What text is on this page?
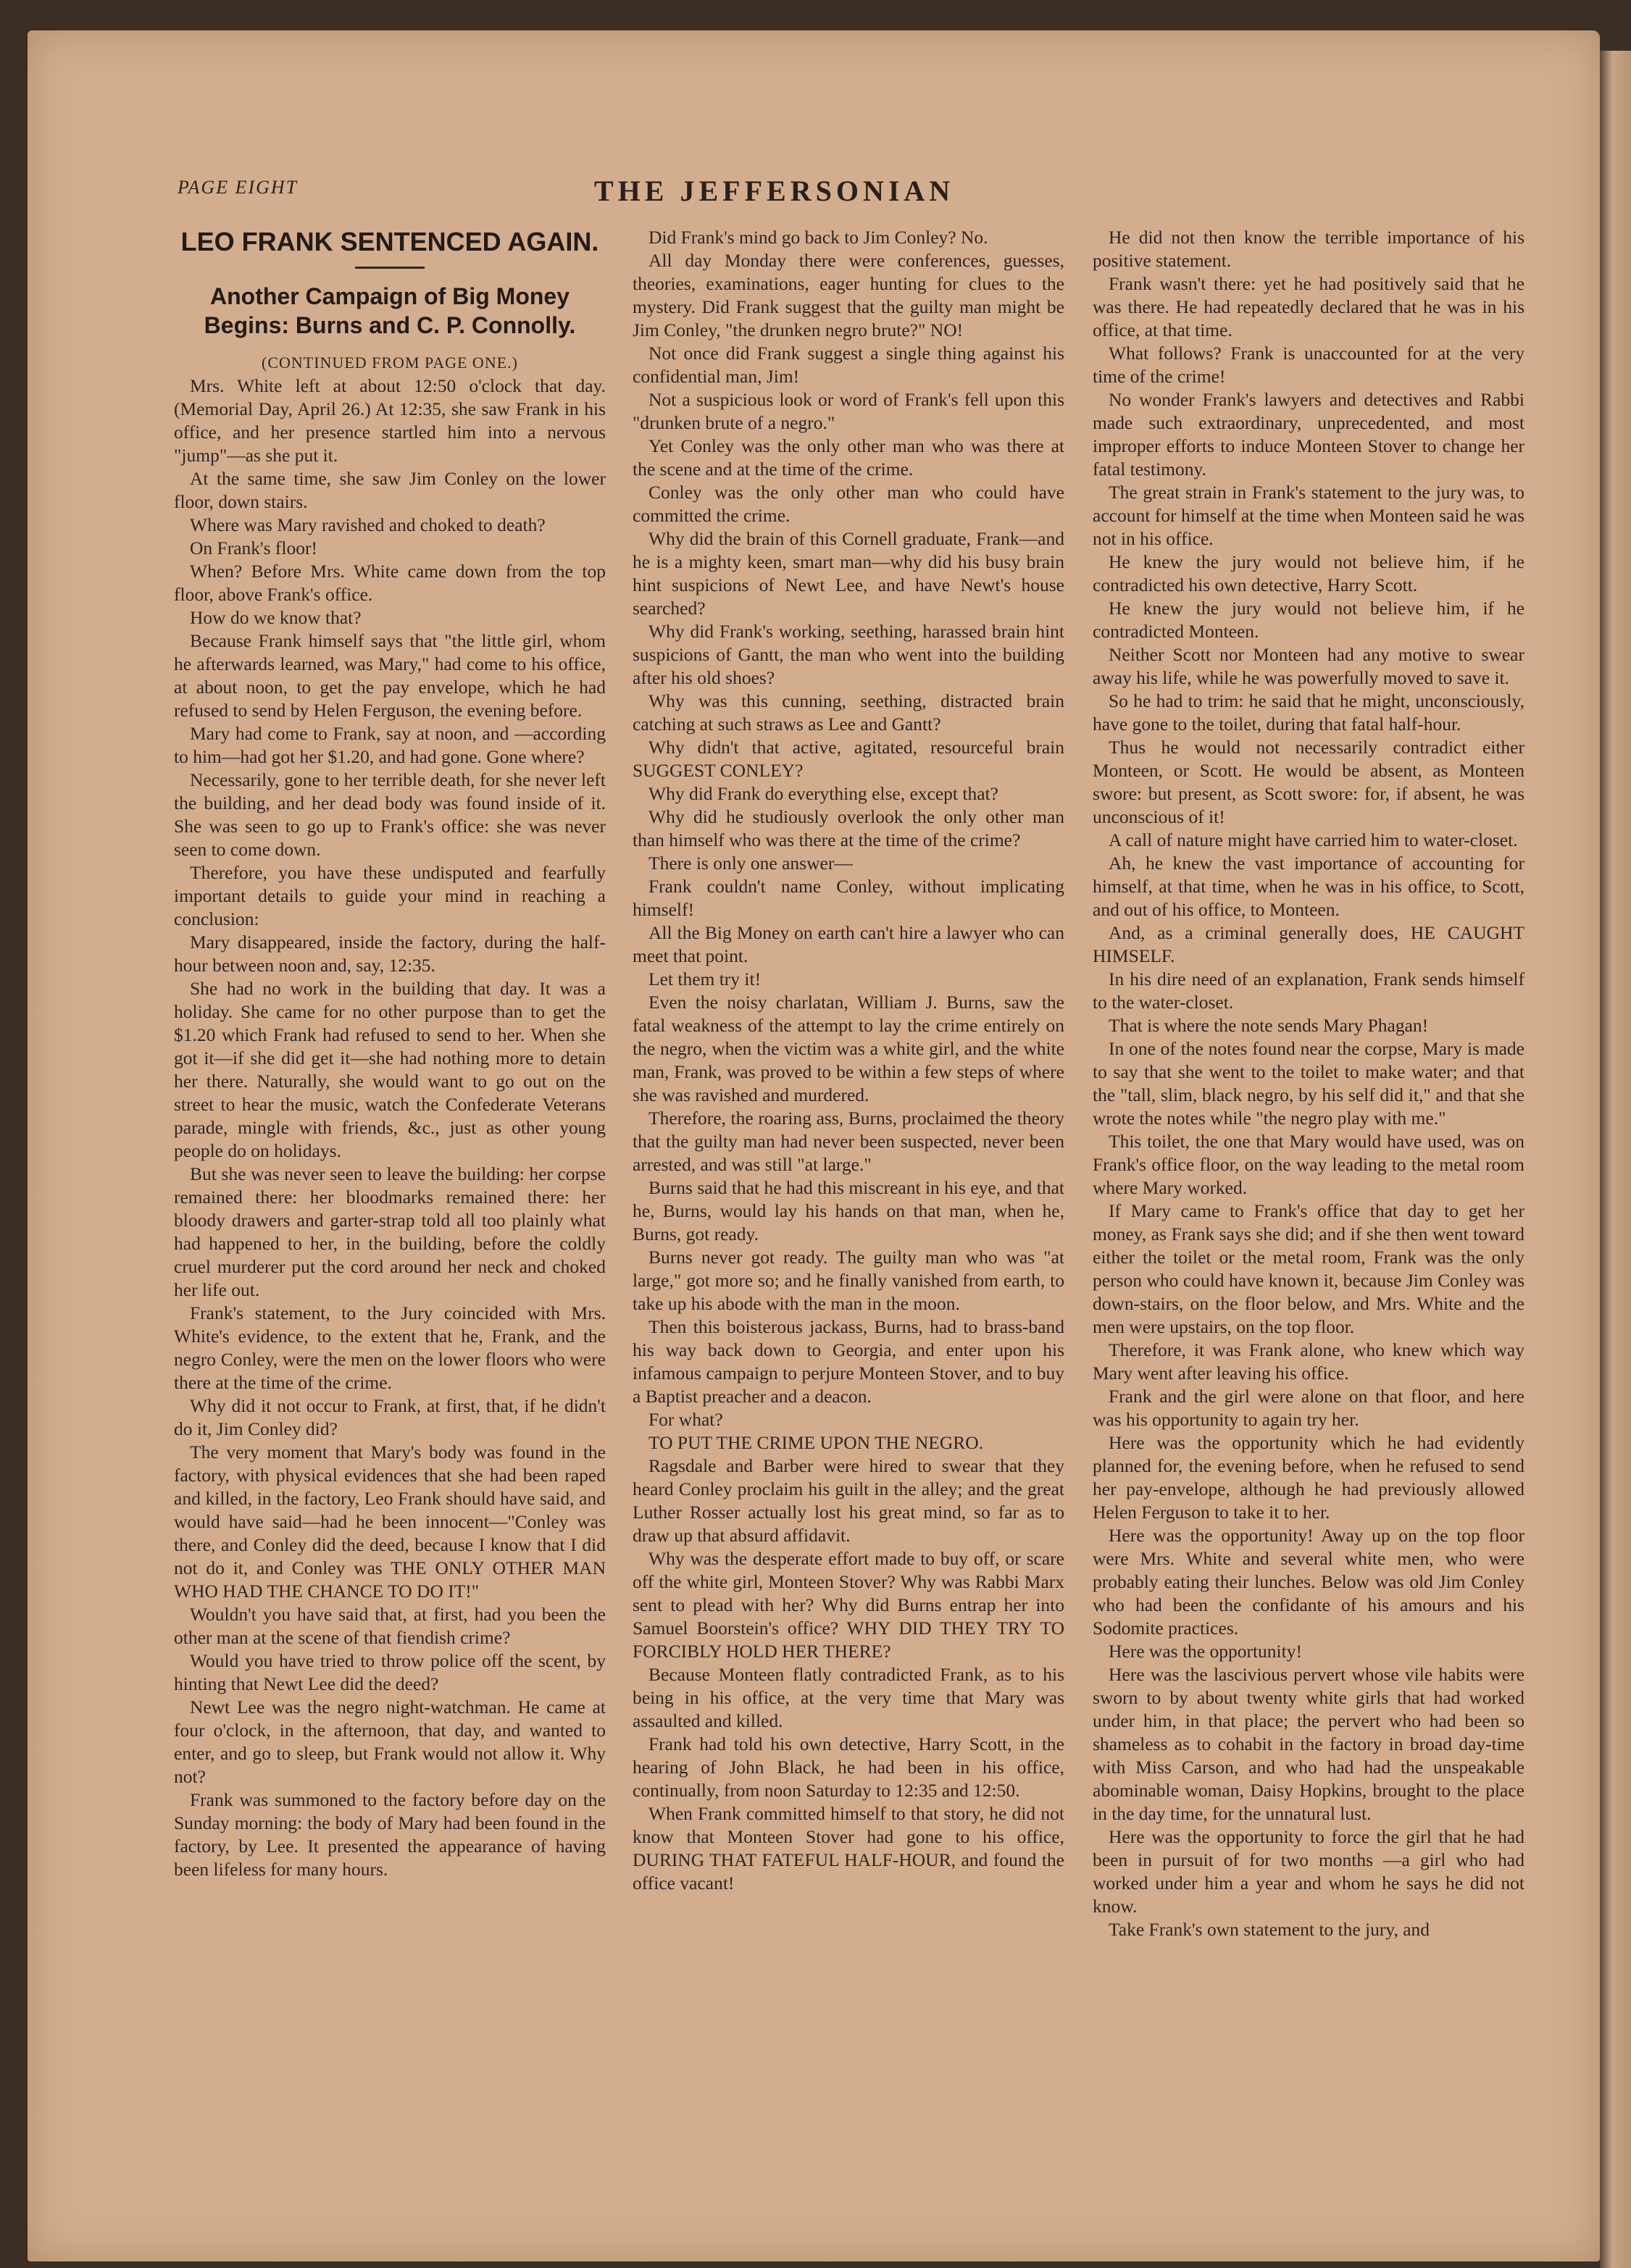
PAGE EIGHT	THE JEFFERSONIAN
LEO FRANK SENTENCED AGAIN.
Another Campaign of Big Money Begins: Burns and C. P. Connolly.

(CONTINUED FROM PAGE ONE.)

Mrs. White left at about 12:50 o'clock that day. (Memorial Day, April 26.) At 12:35, she saw Frank in his office, and her presence startled him into a nervous "jump"—as she put it.

At the same time, she saw Jim Conley on the lower floor, down stairs.

Where was Mary ravished and choked to death?

On Frank's floor!

When? Before Mrs. White came down from the top floor, above Frank's office.

How do we know that?

Because Frank himself says that "the little girl, whom he afterwards learned, was Mary," had come to his office, at about noon, to get the pay envelope, which he had refused to send by Helen Ferguson, the evening before.

Mary had come to Frank, say at noon, and —according to him—had got her $1.20, and had gone. Gone where?

Necessarily, gone to her terrible death, for she never left the building, and her dead body was found inside of it. She was seen to go up to Frank's office: she was never seen to come down.

Therefore, you have these undisputed and fearfully important details to guide your mind in reaching a conclusion:

Mary disappeared, inside the factory, during the half-hour between noon and, say, 12:35.

She had no work in the building that day. It was a holiday. She came for no other purpose than to get the $1.20 which Frank had refused to send to her. When she got it—if she did get it—she had nothing more to detain her there. Naturally, she would want to go out on the street to hear the music, watch the Confederate Veterans parade, mingle with friends, &c., just as other young people do on holidays.

But she was never seen to leave the building: her corpse remained there: her bloodmarks remained there: her bloody drawers and garter-strap told all too plainly what had happened to her, in the building, before the coldly cruel murderer put the cord around her neck and choked her life out.

Frank's statement, to the Jury coincided with Mrs. White's evidence, to the extent that he, Frank, and the negro Conley, were the men on the lower floors who were there at the time of the crime.

Why did it not occur to Frank, at first, that, if he didn't do it, Jim Conley did?

The very moment that Mary's body was found in the factory, with physical evidences that she had been raped and killed, in the factory, Leo Frank should have said, and would have said—had he been innocent—"Conley was there, and Conley did the deed, because I know that I did not do it, and Conley was THE ONLY OTHER MAN WHO HAD THE CHANCE TO DO IT!"

Wouldn't you have said that, at first, had you been the other man at the scene of that fiendish crime?

Would you have tried to throw police off the scent, by hinting that Newt Lee did the deed?

Newt Lee was the negro night-watchman. He came at four o'clock, in the afternoon, that day, and wanted to enter, and go to sleep, but Frank would not allow it. Why not?

Frank was summoned to the factory before day on the Sunday morning: the body of Mary had been found in the factory, by Lee. It presented the appearance of having been lifeless for many hours.

Did Frank's mind go back to Jim Conley? No.

All day Monday there were conferences, guesses, theories, examinations, eager hunting for clues to the mystery. Did Frank suggest that the guilty man might be Jim Conley, "the drunken negro brute?" NO!

Not once did Frank suggest a single thing against his confidential man, Jim!

Not a suspicious look or word of Frank's fell upon this "drunken brute of a negro."

Yet Conley was the only other man who was there at the scene and at the time of the crime.

Conley was the only other man who could have committed the crime.

Why did the brain of this Cornell graduate, Frank—and he is a mighty keen, smart man—why did his busy brain hint suspicions of Newt Lee, and have Newt's house searched?

Why did Frank's working, seething, harassed brain hint suspicions of Gantt, the man who went into the building after his old shoes?

Why was this cunning, seething, distracted brain catching at such straws as Lee and Gantt?

Why didn't that active, agitated, resourceful brain SUGGEST CONLEY?

Why did Frank do everything else, except that?

Why did he studiously overlook the only other man than himself who was there at the time of the crime?

There is only one answer—

Frank couldn't name Conley, without implicating himself!

All the Big Money on earth can't hire a lawyer who can meet that point.

Let them try it!

Even the noisy charlatan, William J. Burns, saw the fatal weakness of the attempt to lay the crime entirely on the negro, when the victim was a white girl, and the white man, Frank, was proved to be within a few steps of where she was ravished and murdered.

Therefore, the roaring ass, Burns, proclaimed the theory that the guilty man had never been suspected, never been arrested, and was still "at large."

Burns said that he had this miscreant in his eye, and that he, Burns, would lay his hands on that man, when he, Burns, got ready.

Burns never got ready. The guilty man who was "at large," got more so; and he finally vanished from earth, to take up his abode with the man in the moon.

Then this boisterous jackass, Burns, had to brass-band his way back down to Georgia, and enter upon his infamous campaign to perjure Monteen Stover, and to buy a Baptist preacher and a deacon.

For what?

TO PUT THE CRIME UPON THE NEGRO.

Ragsdale and Barber were hired to swear that they heard Conley proclaim his guilt in the alley; and the great Luther Rosser actually lost his great mind, so far as to draw up that absurd affidavit.

Why was the desperate effort made to buy off, or scare off the white girl, Monteen Stover? Why was Rabbi Marx sent to plead with her? Why did Burns entrap her into Samuel Boorstein's office? WHY DID THEY TRY TO FORCIBLY HOLD HER THERE?

Because Monteen flatly contradicted Frank, as to his being in his office, at the very time that Mary was assaulted and killed.

Frank had told his own detective, Harry Scott, in the hearing of John Black, he had been in his office, continually, from noon Saturday to 12:35 and 12:50.

When Frank committed himself to that story, he did not know that Monteen Stover had gone to his office, DURING THAT FATEFUL HALF-HOUR, and found the office vacant!

He did not then know the terrible importance of his positive statement.

Frank wasn't there: yet he had positively said that he was there. He had repeatedly declared that he was in his office, at that time.

What follows? Frank is unaccounted for at the very time of the crime!

No wonder Frank's lawyers and detectives and Rabbi made such extraordinary, unprecedented, and most improper efforts to induce Monteen Stover to change her fatal testimony.

The great strain in Frank's statement to the jury was, to account for himself at the time when Monteen said he was not in his office.

He knew the jury would not believe him, if he contradicted his own detective, Harry Scott.

He knew the jury would not believe him, if he contradicted Monteen.

Neither Scott nor Monteen had any motive to swear away his life, while he was powerfully moved to save it.

So he had to trim: he said that he might, unconsciously, have gone to the toilet, during that fatal half-hour.

Thus he would not necessarily contradict either Monteen, or Scott. He would be absent, as Monteen swore: but present, as Scott swore: for, if absent, he was unconscious of it!

A call of nature might have carried him to water-closet.

Ah, he knew the vast importance of accounting for himself, at that time, when he was in his office, to Scott, and out of his office, to Monteen.

And, as a criminal generally does, HE CAUGHT HIMSELF.

In his dire need of an explanation, Frank sends himself to the water-closet.

That is where the note sends Mary Phagan!

In one of the notes found near the corpse, Mary is made to say that she went to the toilet to make water; and that the "tall, slim, black negro, by his self did it," and that she wrote the notes while "the negro play with me."

This toilet, the one that Mary would have used, was on Frank's office floor, on the way leading to the metal room where Mary worked.

If Mary came to Frank's office that day to get her money, as Frank says she did; and if she then went toward either the toilet or the metal room, Frank was the only person who could have known it, because Jim Conley was down-stairs, on the floor below, and Mrs. White and the men were upstairs, on the top floor.

Therefore, it was Frank alone, who knew which way Mary went after leaving his office.

Frank and the girl were alone on that floor, and here was his opportunity to again try her.

Here was the opportunity which he had evidently planned for, the evening before, when he refused to send her pay-envelope, although he had previously allowed Helen Ferguson to take it to her.

Here was the opportunity! Away up on the top floor were Mrs. White and several white men, who were probably eating their lunches. Below was old Jim Conley who had been the confidante of his amours and his Sodomite practices.

Here was the opportunity!

Here was the lascivious pervert whose vile habits were sworn to by about twenty white girls that had worked under him, in that place; the pervert who had been so shameless as to cohabit in the factory in broad day-time with Miss Carson, and who had had the unspeakable abominable woman, Daisy Hopkins, brought to the place in the day time, for the unnatural lust.

Here was the opportunity to force the girl that he had been in pursuit of for two months —a girl who had worked under him a year and whom he says he did not know.

Take Frank's own statement to the jury, and
